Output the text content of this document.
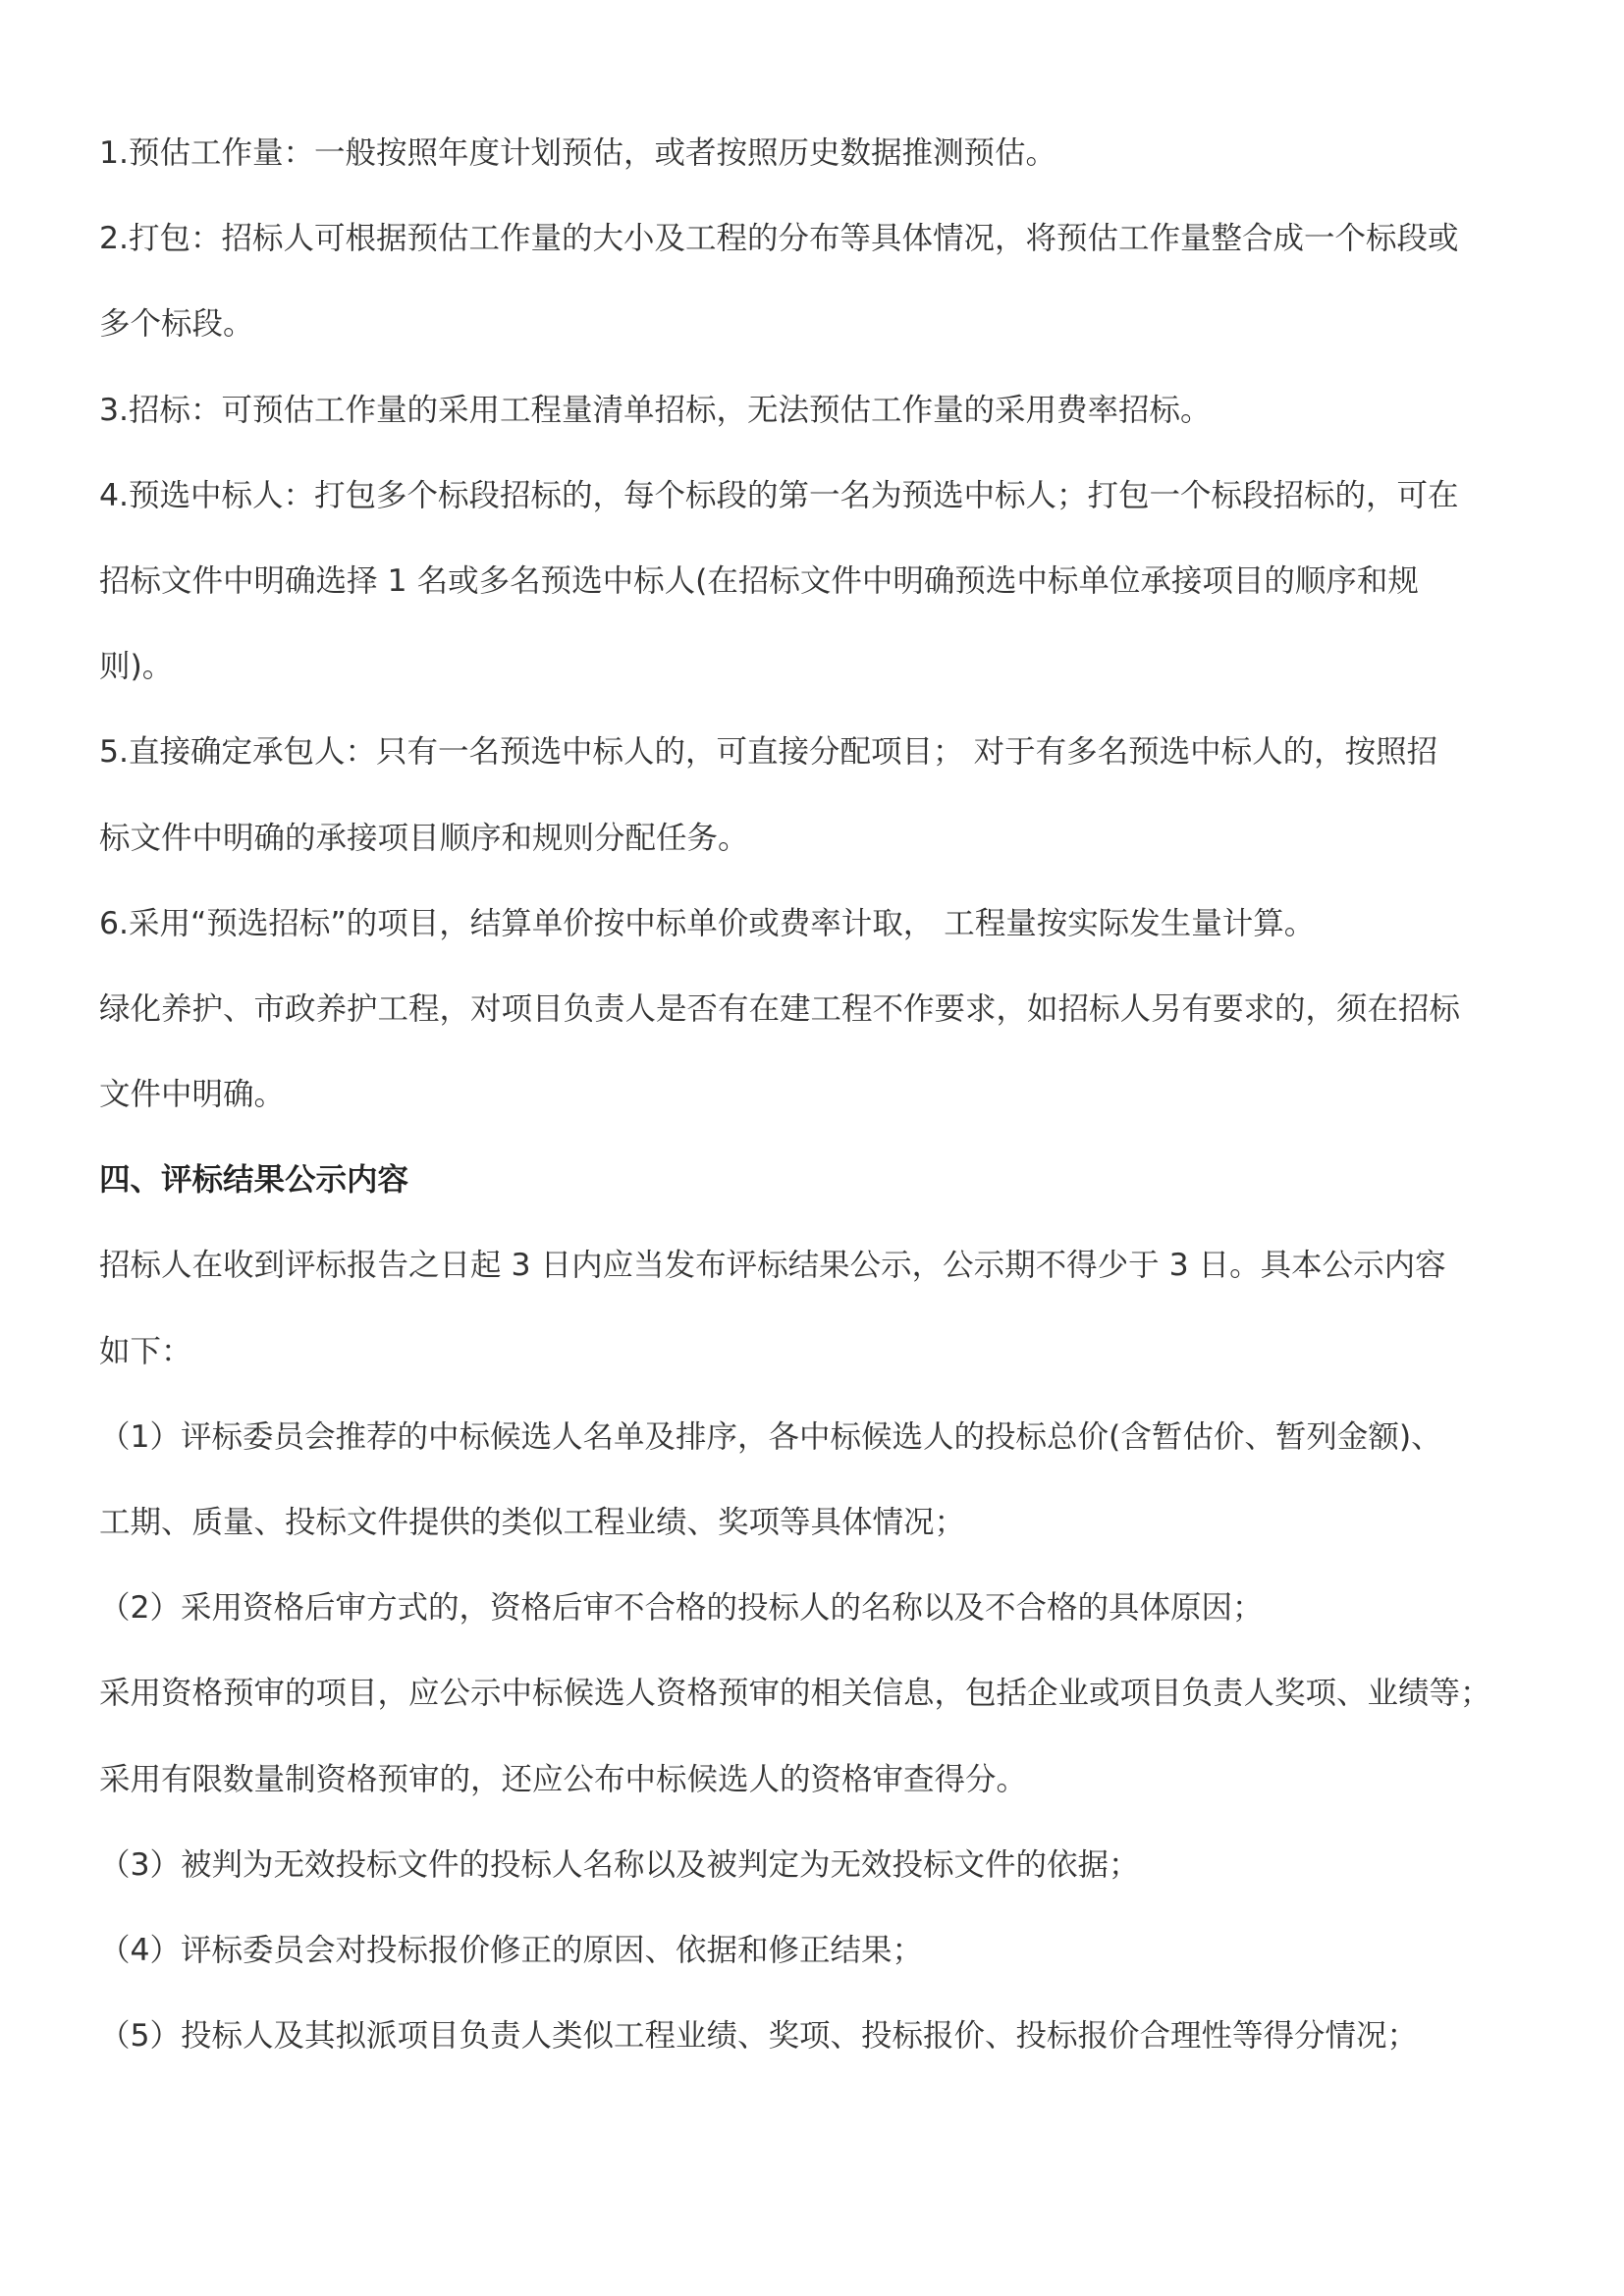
1.预估工作量：一般按照年度计划预估，或者按照历史数据推测预估。
2.打包：招标人可根据预估工作量的大小及工程的分布等具体情况，将预估工作量整合成一个标段或
多个标段。
3.招标：可预估工作量的采用工程量清单招标，无法预估工作量的采用费率招标。
4.预选中标人：打包多个标段招标的，每个标段的第一名为预选中标人；打包一个标段招标的，可在
招标文件中明确选择 1 名或多名预选中标人(在招标文件中明确预选中标单位承接项目的顺序和规
则)。
5.直接确定承包人：只有一名预选中标人的，可直接分配项目； 对于有多名预选中标人的，按照招
标文件中明确的承接项目顺序和规则分配任务。
6.采用“预选招标”的项目，结算单价按中标单价或费率计取， 工程量按实际发生量计算。
绿化养护、市政养护工程，对项目负责人是否有在建工程不作要求，如招标人另有要求的，须在招标
文件中明确。
四、评标结果公示内容
招标人在收到评标报告之日起 3 日内应当发布评标结果公示，公示期不得少于 3 日。具本公示内容
如下：
（1）评标委员会推荐的中标候选人名单及排序，各中标候选人的投标总价(含暂估价、暂列金额)、
工期、质量、投标文件提供的类似工程业绩、奖项等具体情况；
（2）采用资格后审方式的，资格后审不合格的投标人的名称以及不合格的具体原因；
采用资格预审的项目，应公示中标候选人资格预审的相关信息，包括企业或项目负责人奖项、业绩等；
采用有限数量制资格预审的，还应公布中标候选人的资格审查得分。
（3）被判为无效投标文件的投标人名称以及被判定为无效投标文件的依据；
（4）评标委员会对投标报价修正的原因、依据和修正结果；
（5）投标人及其拟派项目负责人类似工程业绩、奖项、投标报价、投标报价合理性等得分情况；
